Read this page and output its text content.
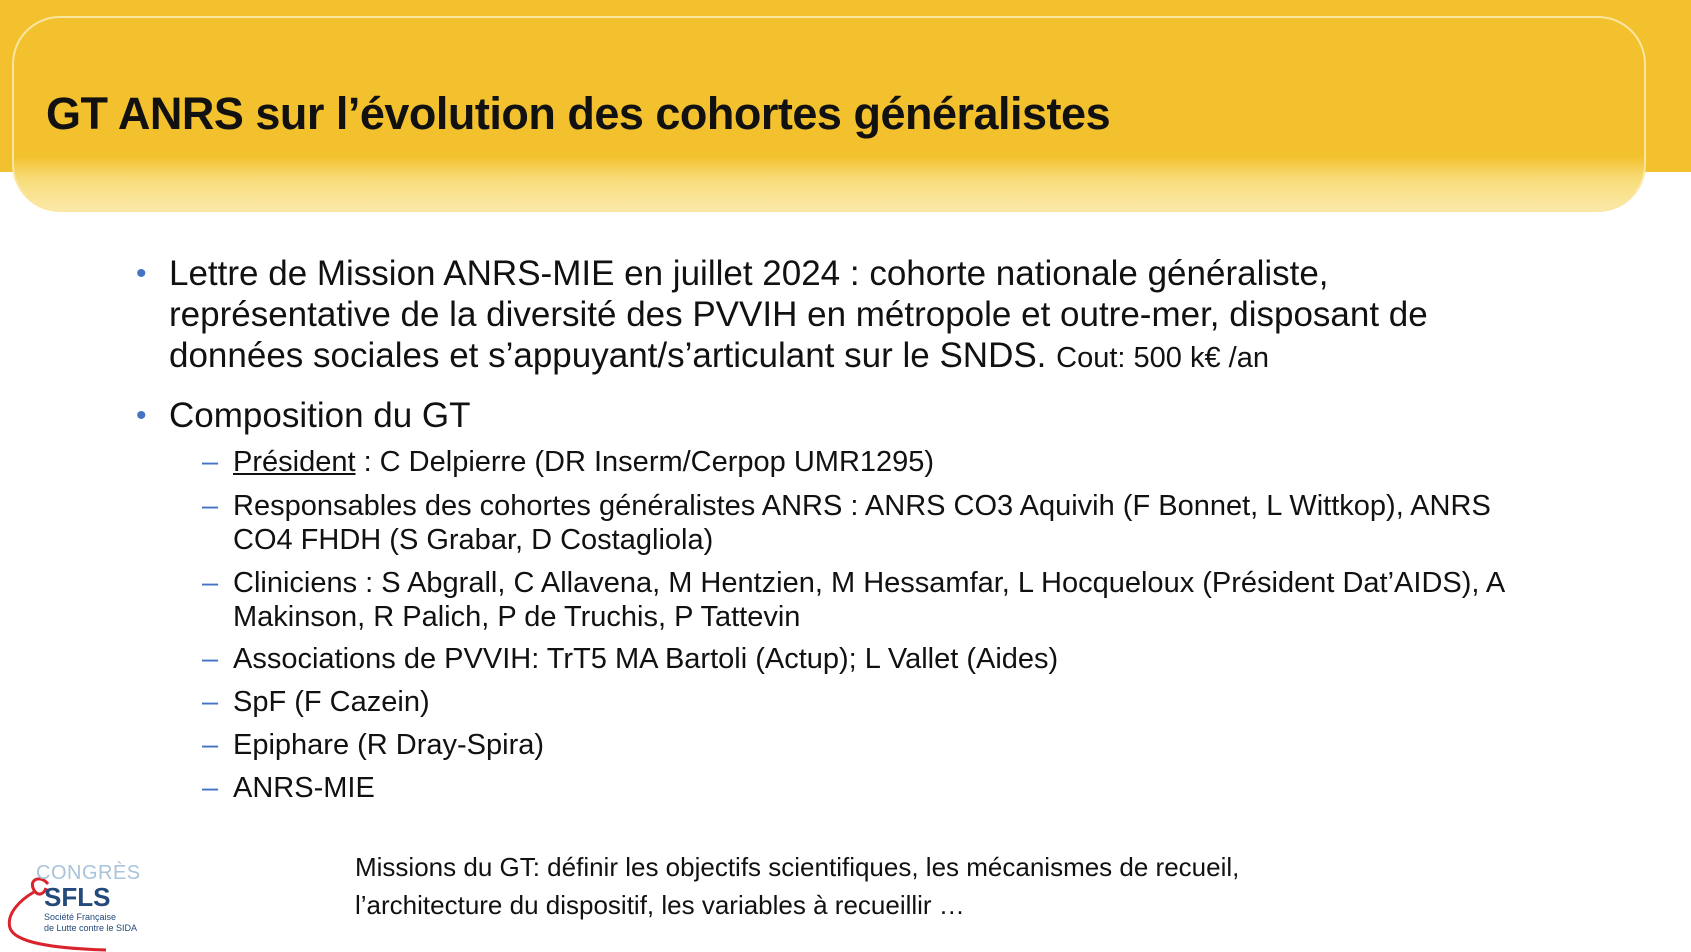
GT ANRS sur l’évolution des cohortes généralistes
• Lettre de Mission ANRS-MIE en juillet 2024 : cohorte nationale généraliste,
représentative de la diversité des PVVIH en métropole et outre-mer, disposant de
données sociales et s’appuyant/s’articulant sur le SNDS. Cout: 500 k€ /an
• Composition du GT
– Président : C Delpierre (DR Inserm/Cerpop UMR1295)
– Responsables des cohortes généralistes ANRS : ANRS CO3 Aquivih (F Bonnet, L Wittkop), ANRS
CO4 FHDH (S Grabar, D Costagliola)
– Cliniciens : S Abgrall, C Allavena, M Hentzien, M Hessamfar, L Hocqueloux (Président Dat’AIDS), A
Makinson, R Palich, P de Truchis, P Tattevin
– Associations de PVVIH: TrT5 MA Bartoli (Actup); L Vallet (Aides)
– SpF (F Cazein)
– Epiphare (R Dray-Spira)
– ANRS-MIE
Missions du GT: définir les objectifs scientifiques, les mécanismes de recueil,
l’architecture du dispositif, les variables à recueillir …
CONGRÈS
SFLS
Société Française
de Lutte contre le SIDA
